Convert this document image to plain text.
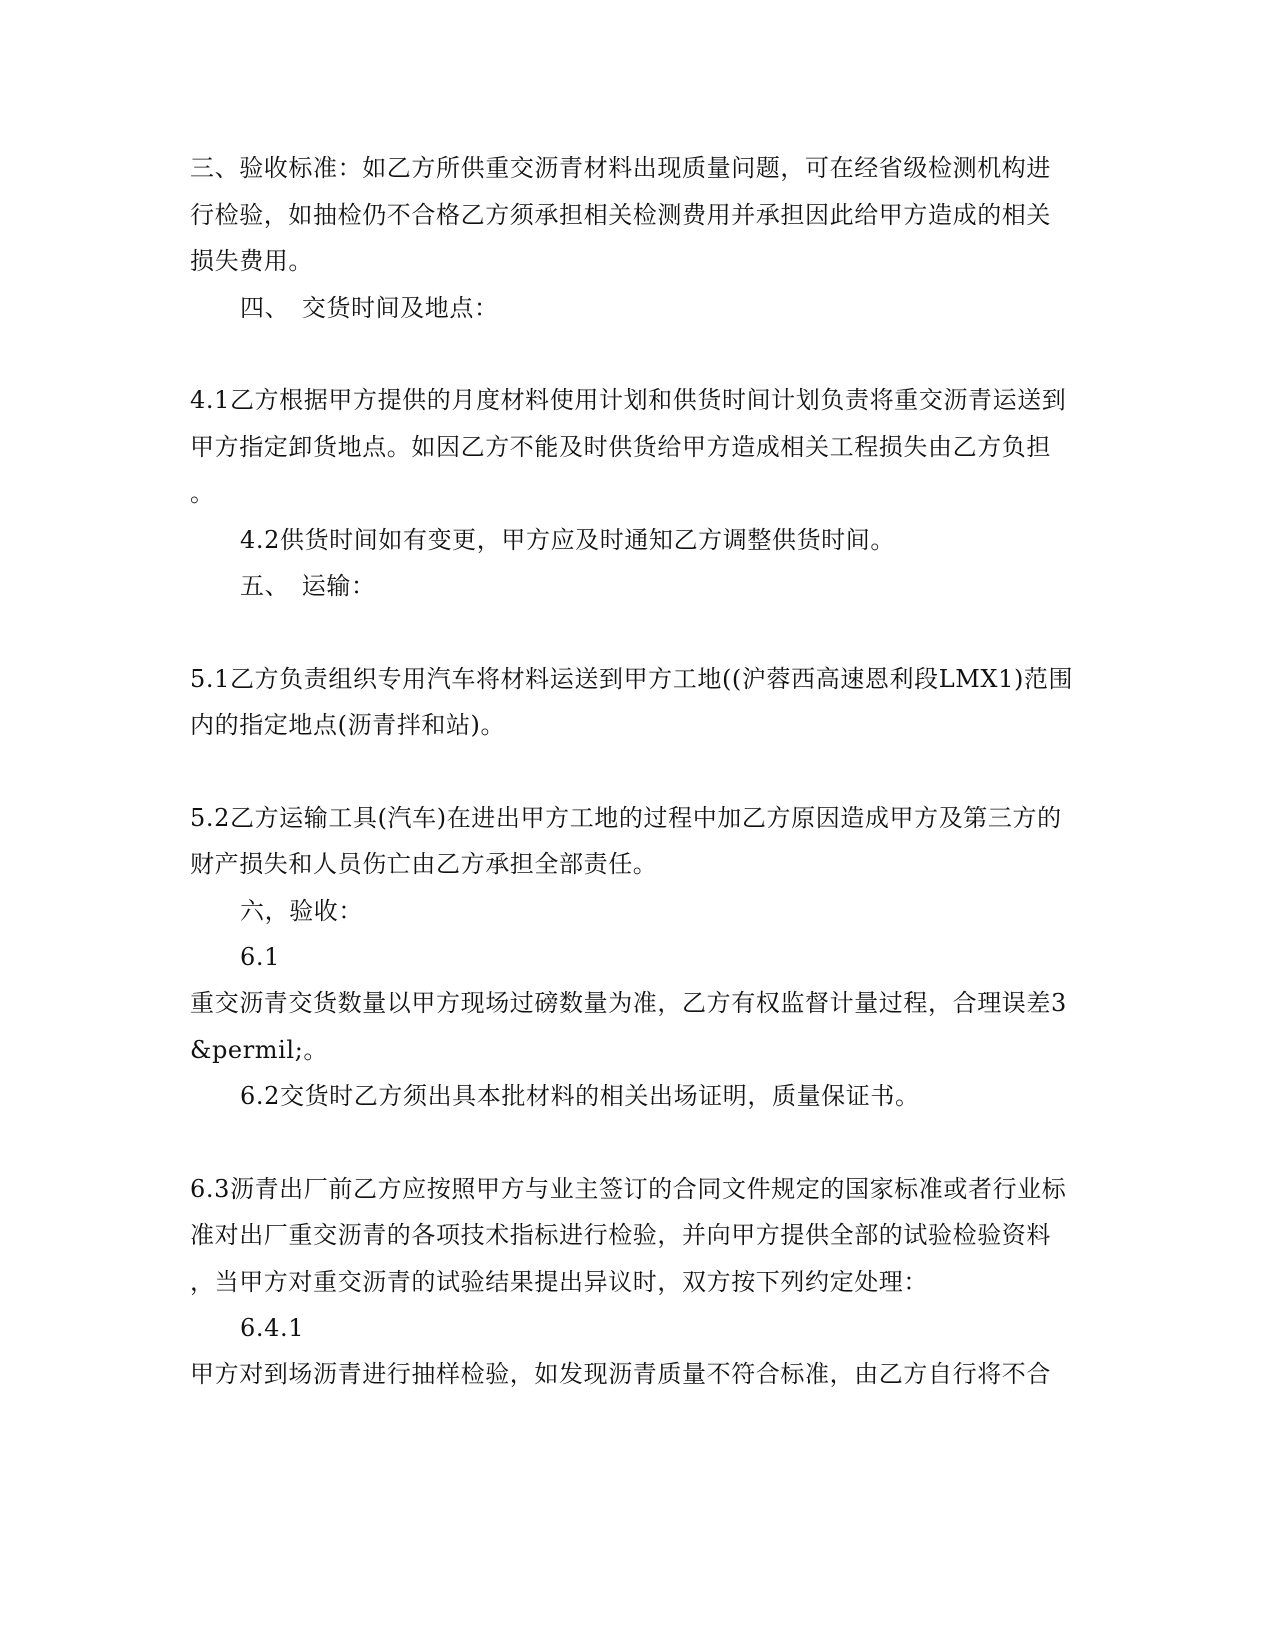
三、验收标准：如乙方所供重交沥青材料出现质量问题，可在经省级检测机构进
行检验，如抽检仍不合格乙方须承担相关检测费用并承担因此给甲方造成的相关
损失费用。
四、　交货时间及地点：
4.1乙方根据甲方提供的月度材料使用计划和供货时间计划负责将重交沥青运送到
甲方指定卸货地点。如因乙方不能及时供货给甲方造成相关工程损失由乙方负担
。
4.2供货时间如有变更，甲方应及时通知乙方调整供货时间。
五、　运输：
5.1乙方负责组织专用汽车将材料运送到甲方工地((沪蓉西高速恩利段LMX1)范围
内的指定地点(沥青拌和站)。
5.2乙方运输工具(汽车)在进出甲方工地的过程中加乙方原因造成甲方及第三方的
财产损失和人员伤亡由乙方承担全部责任。
六，验收：
6.1
重交沥青交货数量以甲方现场过磅数量为准，乙方有权监督计量过程，合理误差3
&permil;。
6.2交货时乙方须出具本批材料的相关出场证明，质量保证书。
6.3沥青出厂前乙方应按照甲方与业主签订的合同文件规定的国家标准或者行业标
准对出厂重交沥青的各项技术指标进行检验，并向甲方提供全部的试验检验资料
，当甲方对重交沥青的试验结果提出异议时，双方按下列约定处理：
6.4.1
甲方对到场沥青进行抽样检验，如发现沥青质量不符合标准，由乙方自行将不合
